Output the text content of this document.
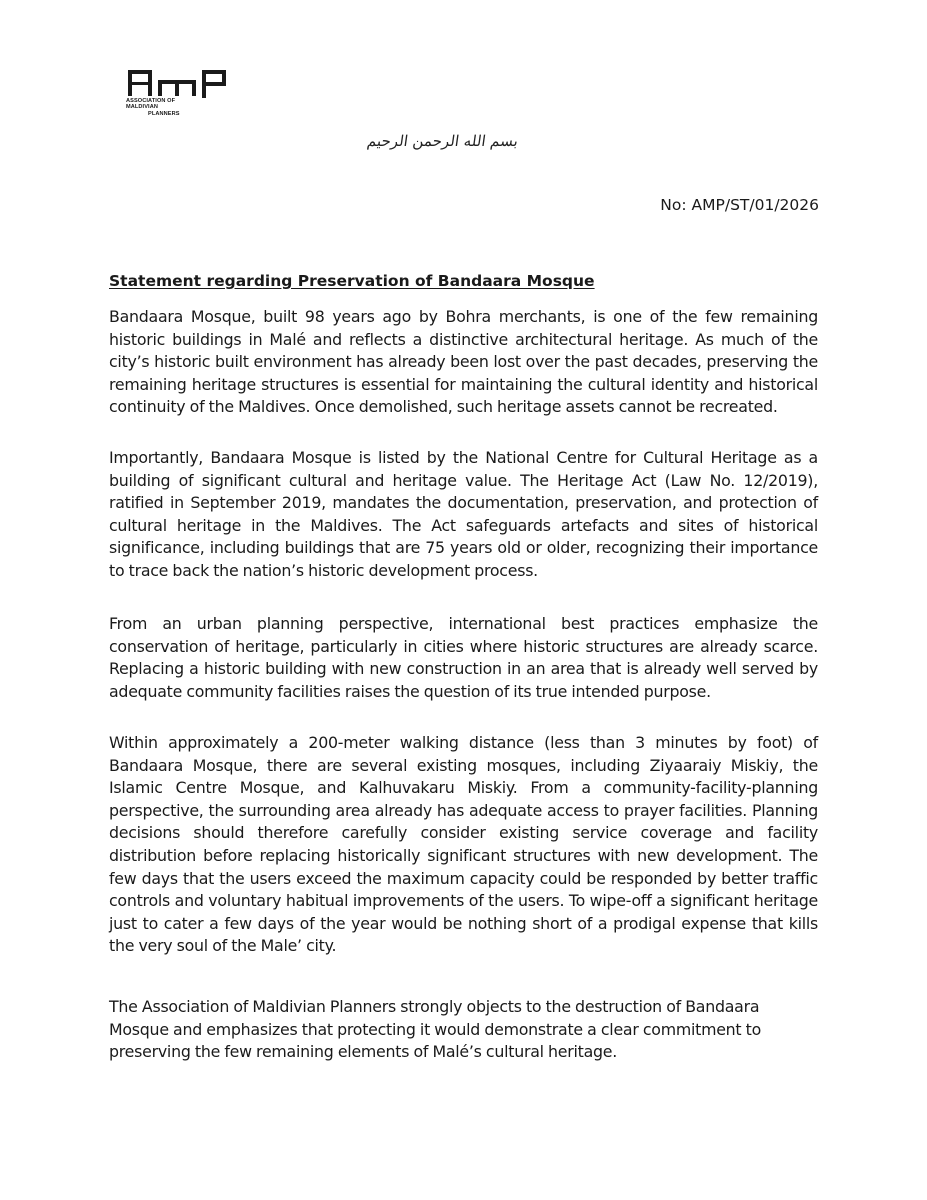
ASSOCIATION OF MALDIVIAN
PLANNERS
بسم الله الرحمن الرحيم
No: AMP/ST/01/2026
Statement regarding Preservation of Bandaara Mosque
Bandaara Mosque, built 98 years ago by Bohra merchants, is one of the few remaining historic buildings in Malé and reflects a distinctive architectural heritage. As much of the city’s historic built environment has already been lost over the past decades, preserving the remaining heritage structures is essential for maintaining the cultural identity and historical continuity of the Maldives. Once demolished, such heritage assets cannot be recreated.
Importantly, Bandaara Mosque is listed by the National Centre for Cultural Heritage as a building of significant cultural and heritage value. The Heritage Act (Law No. 12/2019), ratified in September 2019, mandates the documentation, preservation, and protection of cultural heritage in the Maldives. The Act safeguards artefacts and sites of historical significance, including buildings that are 75 years old or older, recognizing their importance to trace back the nation’s historic development process.
From an urban planning perspective, international best practices emphasize the conservation of heritage, particularly in cities where historic structures are already scarce. Replacing a historic building with new construction in an area that is already well served by adequate community facilities raises the question of its true intended purpose.
Within approximately a 200-meter walking distance (less than 3 minutes by foot) of Bandaara Mosque, there are several existing mosques, including Ziyaaraiy Miskiy, the Islamic Centre Mosque, and Kalhuvakaru Miskiy. From a community-facility-planning perspective, the surrounding area already has adequate access to prayer facilities. Planning decisions should therefore carefully consider existing service coverage and facility distribution before replacing historically significant structures with new development. The few days that the users exceed the maximum capacity could be responded by better traffic controls and voluntary habitual improvements of the users. To wipe-off a significant heritage just to cater a few days of the year would be nothing short of a prodigal expense that kills the very soul of the Male’ city.
The Association of Maldivian Planners strongly objects to the destruction of Bandaara Mosque and emphasizes that protecting it would demonstrate a clear commitment to preserving the few remaining elements of Malé’s cultural heritage.
